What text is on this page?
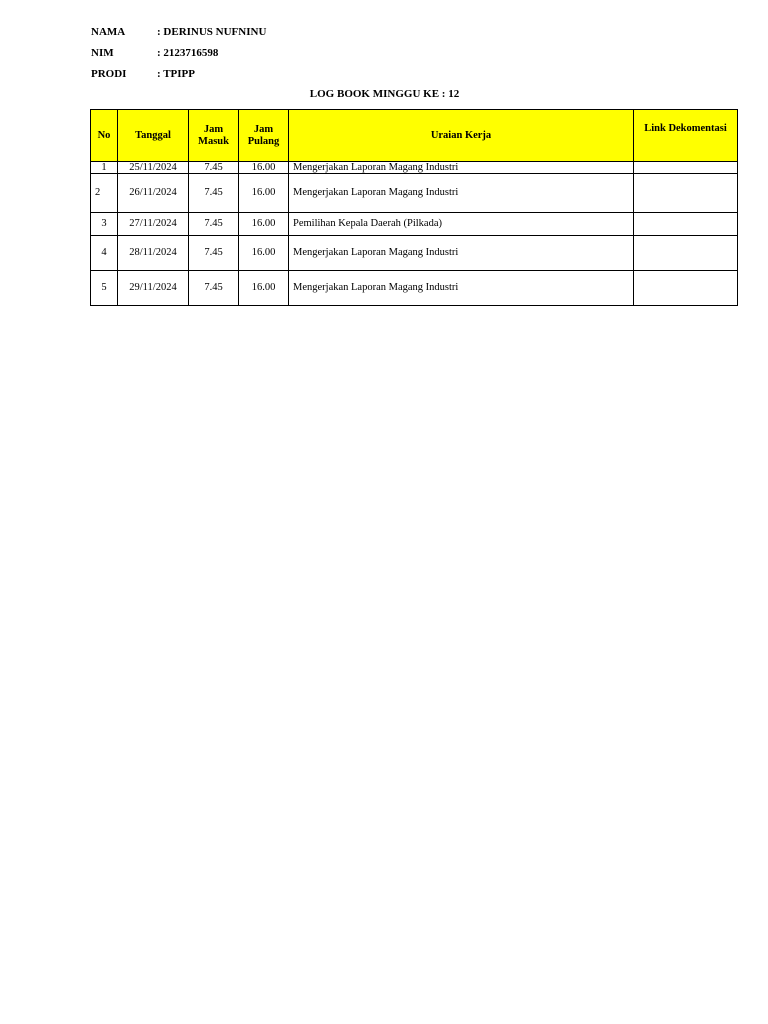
NAMA	: DERINUS NUFNINU
NIM	: 2123716598
PRODI	: TPIPP
LOG BOOK MINGGU KE : 12
No	Tanggal	Jam Masuk	Jam Pulang	Uraian Kerja	Link Dekomentasi
1	25/11/2024	7.45	16.00	Mengerjakan Laporan Magang Industri	
2	26/11/2024	7.45	16.00	Mengerjakan Laporan Magang Industri	
3	27/11/2024	7.45	16.00	Pemilihan Kepala Daerah (Pilkada)	
4	28/11/2024	7.45	16.00	Mengerjakan Laporan Magang Industri	
5	29/11/2024	7.45	16.00	Mengerjakan Laporan Magang Industri	
